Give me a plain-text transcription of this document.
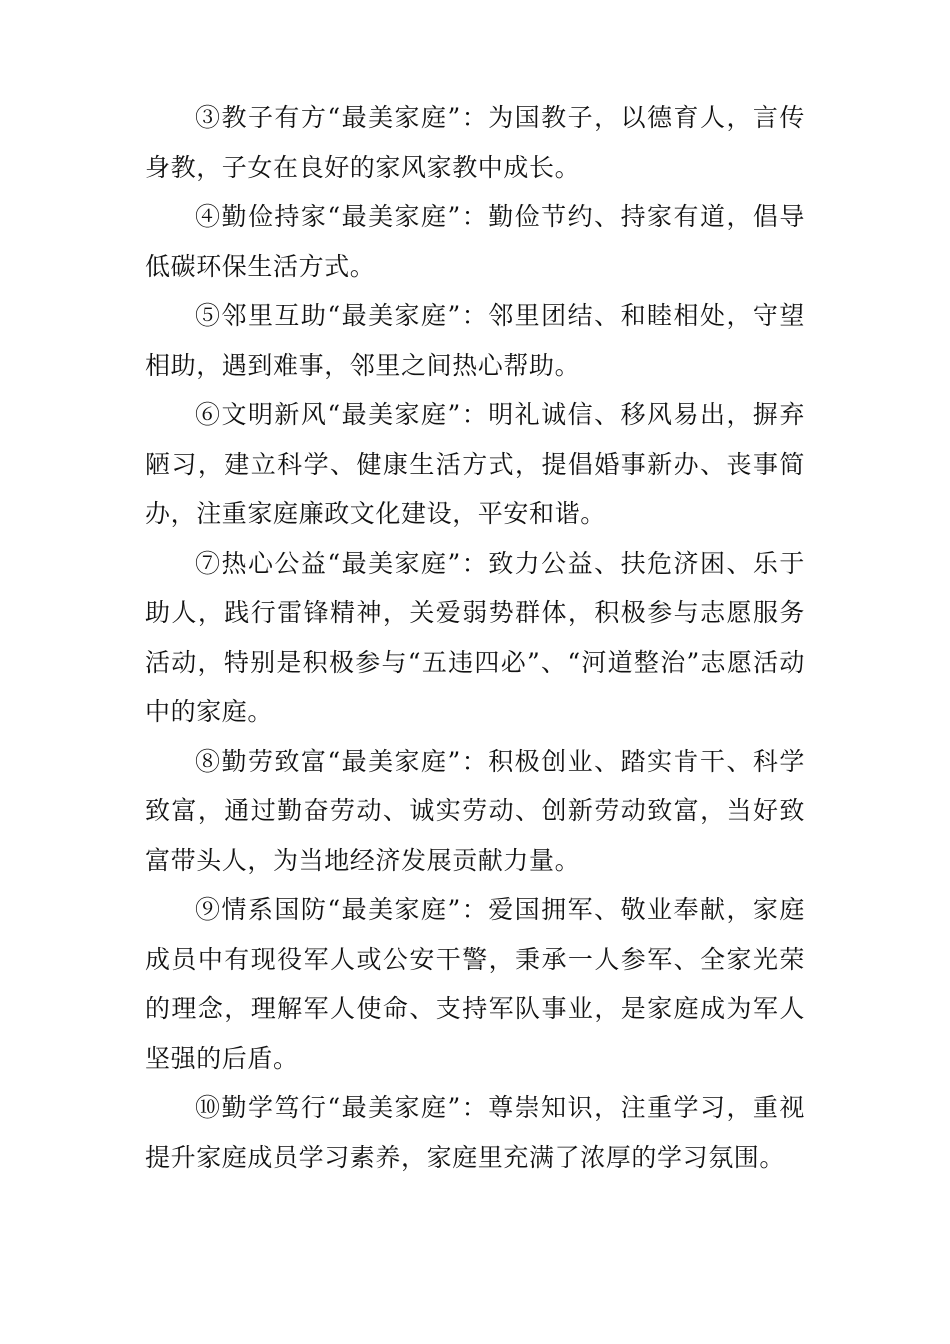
③教子有方“最美家庭”：为国教子，以德育人，言传身教，子女在良好的家风家教中成长。

④勤俭持家“最美家庭”：勤俭节约、持家有道，倡导低碳环保生活方式。

⑤邻里互助“最美家庭”：邻里团结、和睦相处，守望相助，遇到难事，邻里之间热心帮助。

⑥文明新风“最美家庭”：明礼诚信、移风易出，摒弃陋习，建立科学、健康生活方式，提倡婚事新办、丧事简办，注重家庭廉政文化建设，平安和谐。

⑦热心公益“最美家庭”：致力公益、扶危济困、乐于助人，践行雷锋精神，关爱弱势群体，积极参与志愿服务活动，特别是积极参与“五违四必”、“河道整治”志愿活动中的家庭。

⑧勤劳致富“最美家庭”：积极创业、踏实肯干、科学致富，通过勤奋劳动、诚实劳动、创新劳动致富，当好致富带头人，为当地经济发展贡献力量。

⑨情系国防“最美家庭”：爱国拥军、敬业奉献，家庭成员中有现役军人或公安干警，秉承一人参军、全家光荣的理念，理解军人使命、支持军队事业，是家庭成为军人坚强的后盾。

⑩勤学笃行“最美家庭”：尊崇知识，注重学习，重视提升家庭成员学习素养，家庭里充满了浓厚的学习氛围。
